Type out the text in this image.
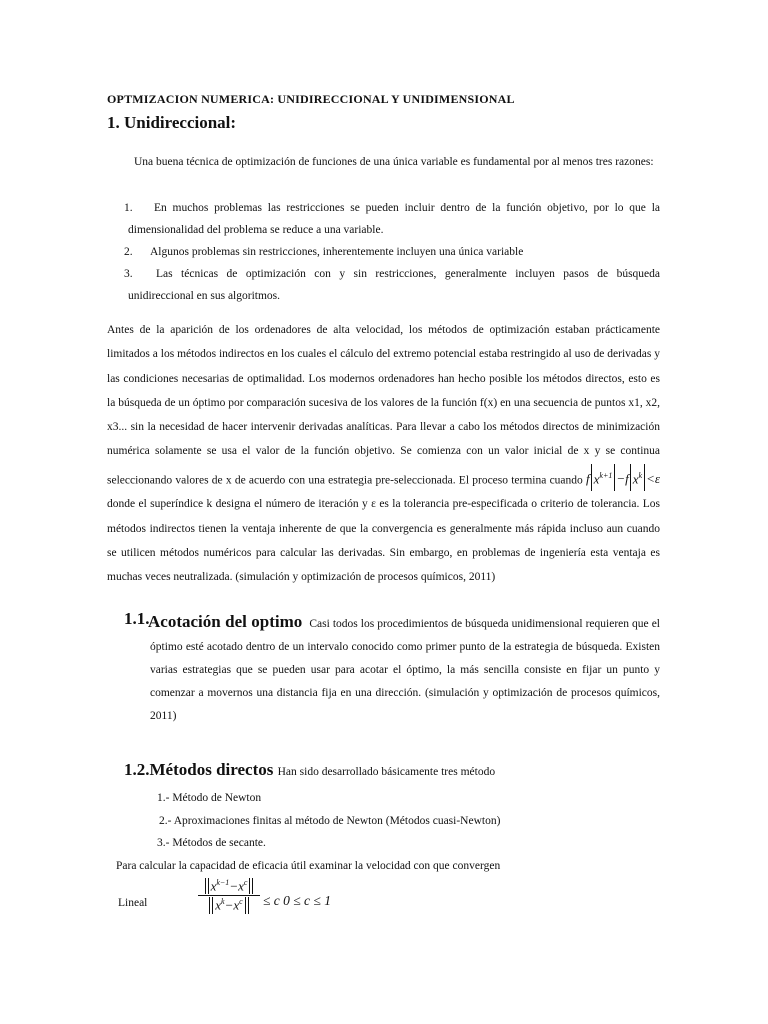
OPTMIZACION NUMERICA: UNIDIRECCIONAL Y UNIDIMENSIONAL
1. Unidireccional:
Una buena técnica de optimización de funciones de una única variable es fundamental por al menos tres razones:
1.	En muchos problemas las restricciones se pueden incluir dentro de la función objetivo, por lo que la dimensionalidad del problema se reduce a una variable.
2. Algunos problemas sin restricciones, inherentemente incluyen una única variable
3.	Las técnicas de optimización con y sin restricciones, generalmente incluyen pasos de búsqueda unidireccional en sus algoritmos.
Antes de la aparición de los ordenadores de alta velocidad, los métodos de optimización estaban prácticamente limitados a los métodos indirectos en los cuales el cálculo del extremo potencial estaba restringido al uso de derivadas y las condiciones necesarias de optimalidad. Los modernos ordenadores han hecho posible los métodos directos, esto es la búsqueda de un óptimo por comparación sucesiva de los valores de la función f(x) en una secuencia de puntos x1, x2, x3... sin la necesidad de hacer intervenir derivadas analíticas. Para llevar a cabo los métodos directos de minimización numérica solamente se usa el valor de la función objetivo. Se comienza con un valor inicial de x y se continua seleccionando valores de x de acuerdo con una estrategia pre-seleccionada. El proceso termina cuando f $x^{k+1} -f$ $x^k <\varepsilon$ donde el superíndice k designa el número de iteración y ε es la tolerancia pre-especificada o criterio de tolerancia. Los métodos indirectos tienen la ventaja inherente de que la convergencia es generalmente más rápida incluso aun cuando se utilicen métodos numéricos para calcular las derivadas. Sin embargo, en problemas de ingeniería esta ventaja es muchas veces neutralizada. (simulación y optimización de procesos químicos, 2011)
1.1.
Acotación del optimo Casi todos los procedimientos de búsqueda unidimensional requieren que el óptimo esté acotado dentro de un intervalo conocido como primer punto de la estrategia de búsqueda. Existen varias estrategias que se pueden usar para acotar el óptimo, la más sencilla consiste en fijar un punto y comenzar a movernos una distancia fija en una dirección. (simulación y optimización de procesos químicos, 2011)
1.2.Métodos directos Han sido desarrollado básicamente tres método
1.- Método de Newton
2.- Aproximaciones finitas al método de Newton (Métodos cuasi-Newton)
3.- Métodos de secante.
Para calcular la capacidad de eficacia útil examinar la velocidad con que convergen
Lineal
$x^{k-1}-x^c$
$x^k-x^c$	≤ c 0 ≤ c ≤ 1
